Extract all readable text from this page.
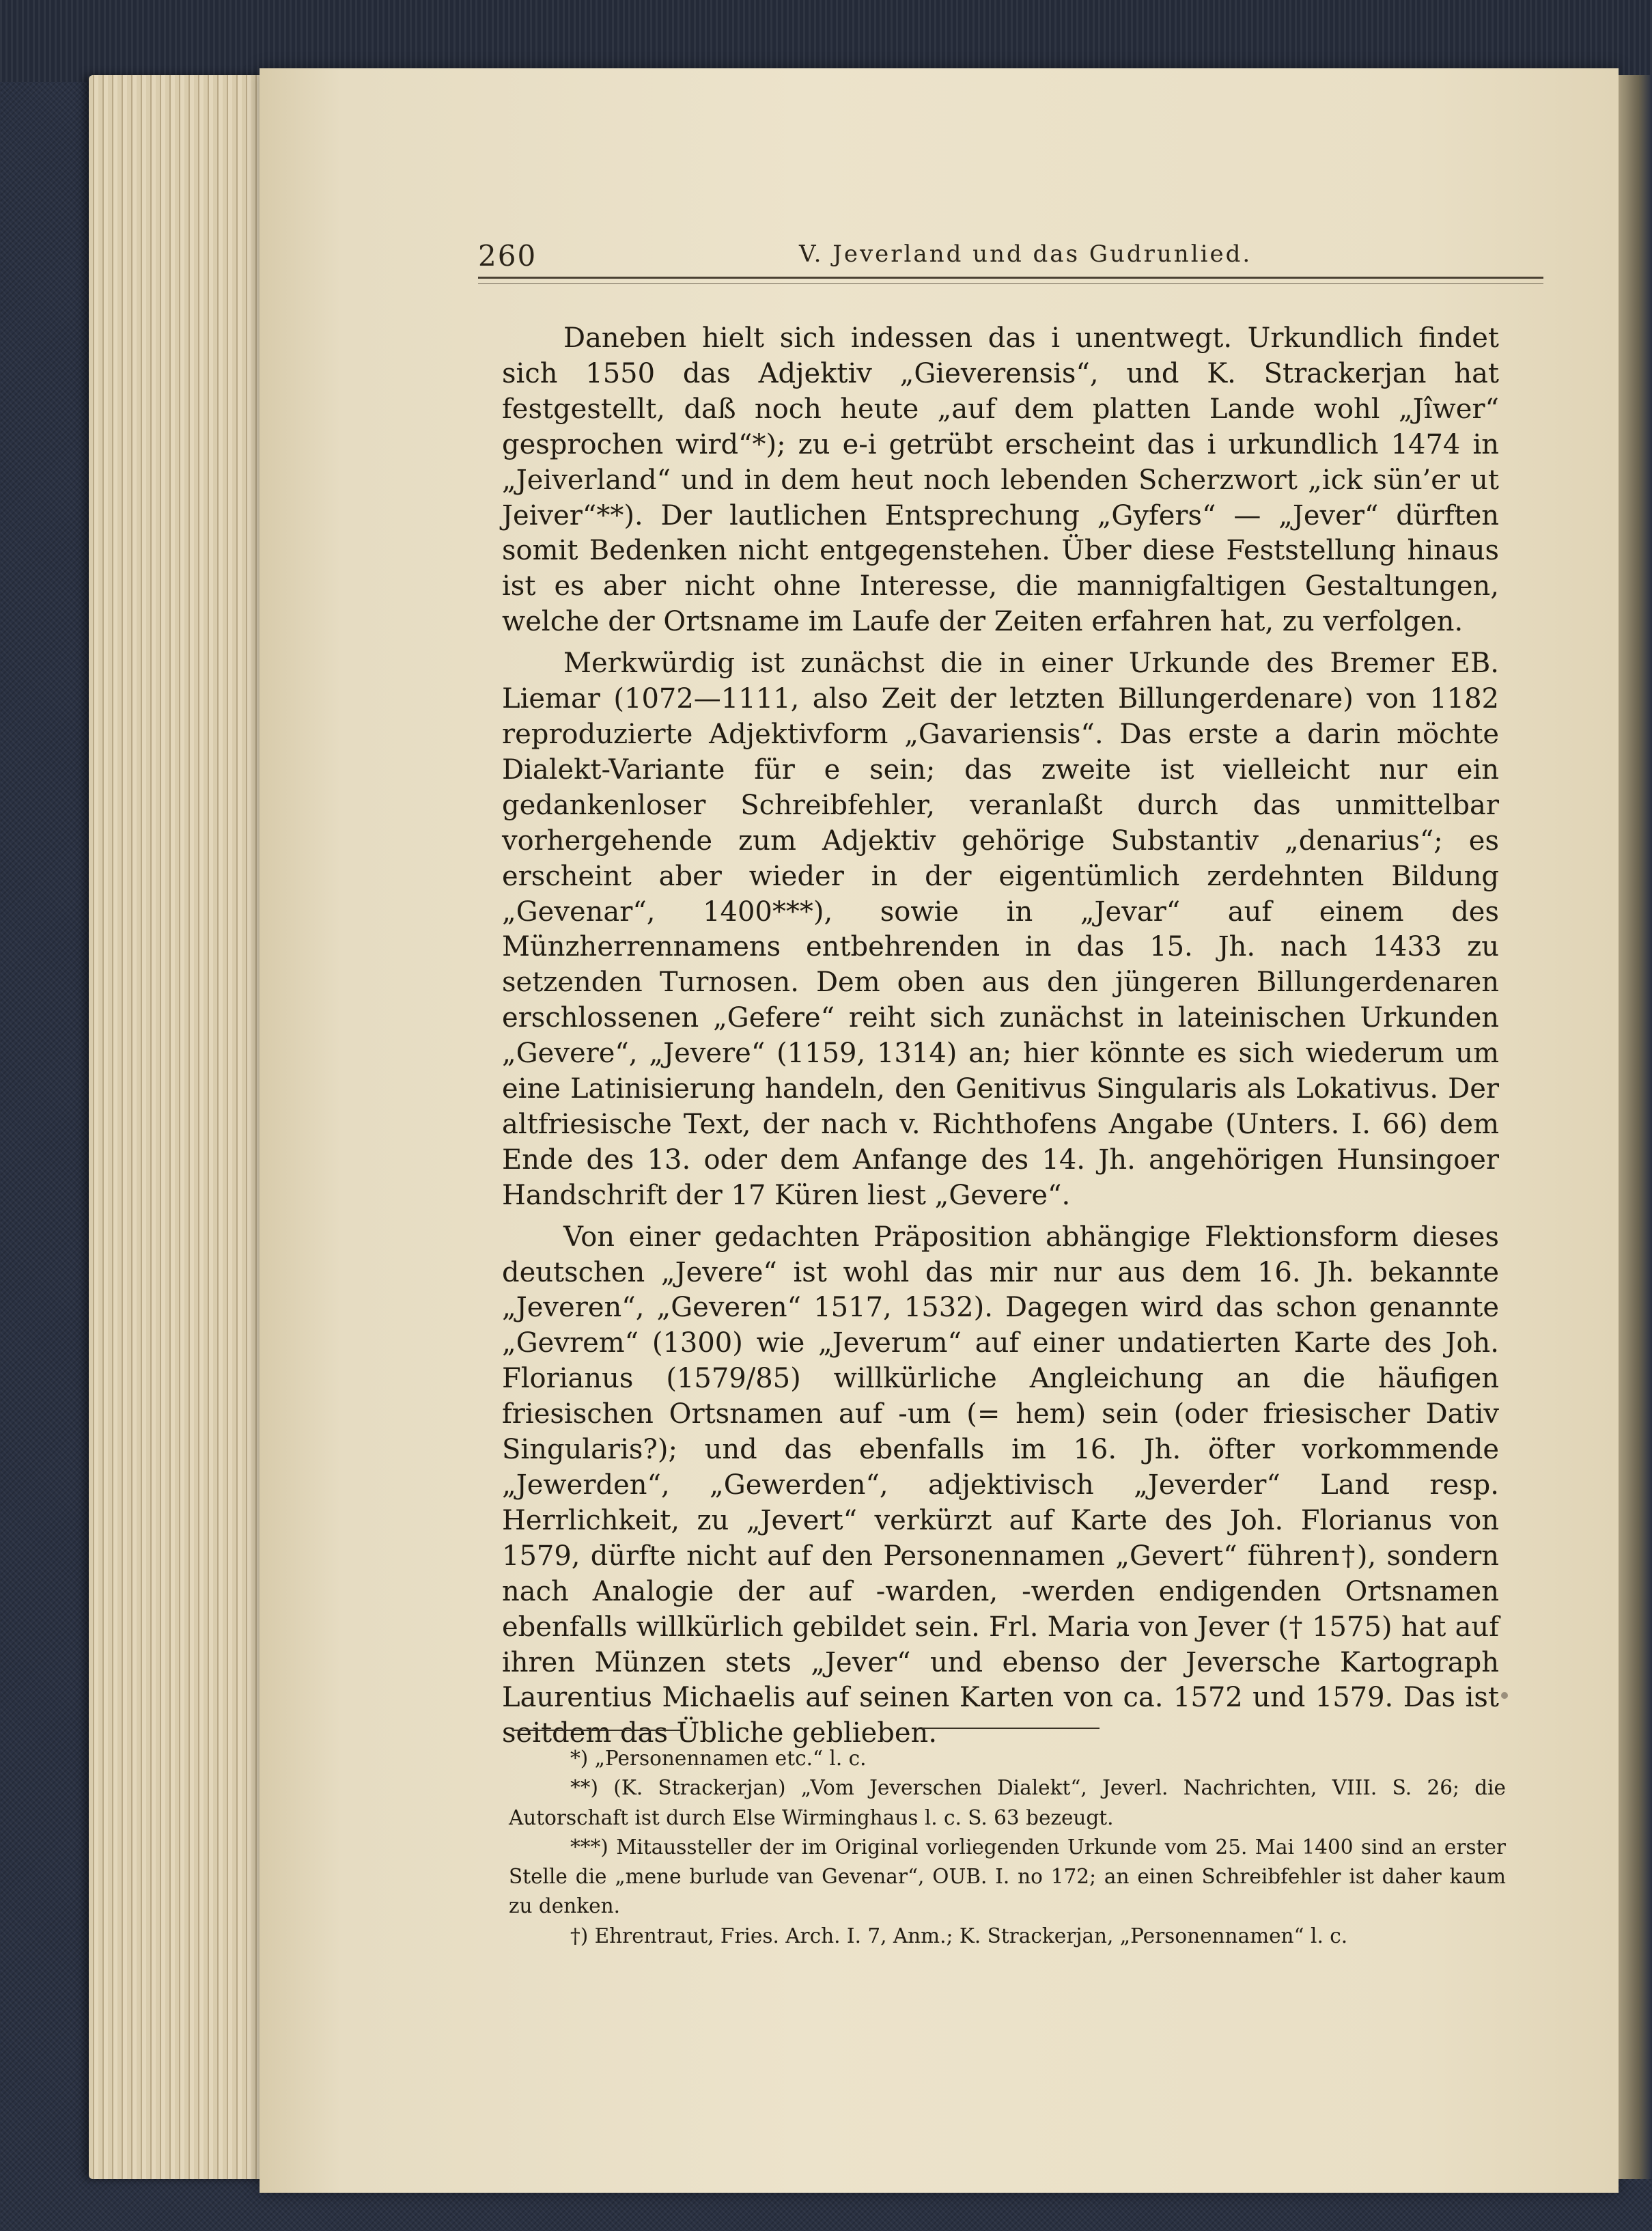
260	V. Jeverland und das Gudrunlied.

Daneben hielt sich indessen das i unentwegt. Urkundlich findet sich 1550 das Adjektiv „Gieverensis“, und K. Strackerjan hat festgestellt, daß noch heute „auf dem platten Lande wohl „Jîwer“ gesprochen wird“*); zu e-i getrübt erscheint das i urkundlich 1474 in „Jeiverland“ und in dem heut noch lebenden Scherzwort „ick sün’er ut Jeiver“**). Der lautlichen Entsprechung „Gyfers“ — „Jever“ dürften somit Bedenken nicht entgegenstehen. Über diese Feststellung hinaus ist es aber nicht ohne Interesse, die mannigfaltigen Gestaltungen, welche der Ortsname im Laufe der Zeiten erfahren hat, zu verfolgen.

Merkwürdig ist zunächst die in einer Urkunde des Bremer EB. Liemar (1072—1111, also Zeit der letzten Billungerdenare) von 1182 reproduzierte Adjektivform „Gavariensis“. Das erste a darin möchte Dialekt-Variante für e sein; das zweite ist vielleicht nur ein gedankenloser Schreibfehler, veranlaßt durch das unmittelbar vorhergehende zum Adjektiv gehörige Substantiv „denarius“; es erscheint aber wieder in der eigentümlich zerdehnten Bildung „Gevenar“, 1400***), sowie in „Jevar“ auf einem des Münzherrennamens entbehrenden in das 15. Jh. nach 1433 zu setzenden Turnosen. Dem oben aus den jüngeren Billungerdenaren erschlossenen „Gefere“ reiht sich zunächst in lateinischen Urkunden „Gevere“, „Jevere“ (1159, 1314) an; hier könnte es sich wiederum um eine Latinisierung handeln, den Genitivus Singularis als Lokativus. Der altfriesische Text, der nach v. Richthofens Angabe (Unters. I. 66) dem Ende des 13. oder dem Anfange des 14. Jh. angehörigen Hunsingoer Handschrift der 17 Küren liest „Gevere“.

Von einer gedachten Präposition abhängige Flektionsform dieses deutschen „Jevere“ ist wohl das mir nur aus dem 16. Jh. bekannte „Jeveren“, „Geveren“ 1517, 1532). Dagegen wird das schon genannte „Gevrem“ (1300) wie „Jeverum“ auf einer undatierten Karte des Joh. Florianus (1579/85) willkürliche Angleichung an die häufigen friesischen Ortsnamen auf -um (= hem) sein (oder friesischer Dativ Singularis?); und das ebenfalls im 16. Jh. öfter vorkommende „Jewerden“, „Gewerden“, adjektivisch „Jeverder“ Land resp. Herrlichkeit, zu „Jevert“ verkürzt auf Karte des Joh. Florianus von 1579, dürfte nicht auf den Personennamen „Gevert“ führen†), sondern nach Analogie der auf -warden, -werden endigenden Ortsnamen ebenfalls willkürlich gebildet sein. Frl. Maria von Jever († 1575) hat auf ihren Münzen stets „Jever“ und ebenso der Jeversche Kartograph Laurentius Michaelis auf seinen Karten von ca. 1572 und 1579. Das ist seitdem das Übliche geblieben.

*) „Personennamen etc.“ l. c.

**) (K. Strackerjan) „Vom Jeverschen Dialekt“, Jeverl. Nachrichten, VIII. S. 26; die Autorschaft ist durch Else Wirminghaus l. c. S. 63 bezeugt.

***) Mitaussteller der im Original vorliegenden Urkunde vom 25. Mai 1400 sind an erster Stelle die „mene burlude van Gevenar“, OUB. I. no 172; an einen Schreibfehler ist daher kaum zu denken.

†) Ehrentraut, Fries. Arch. I. 7, Anm.; K. Strackerjan, „Personennamen“ l. c.
